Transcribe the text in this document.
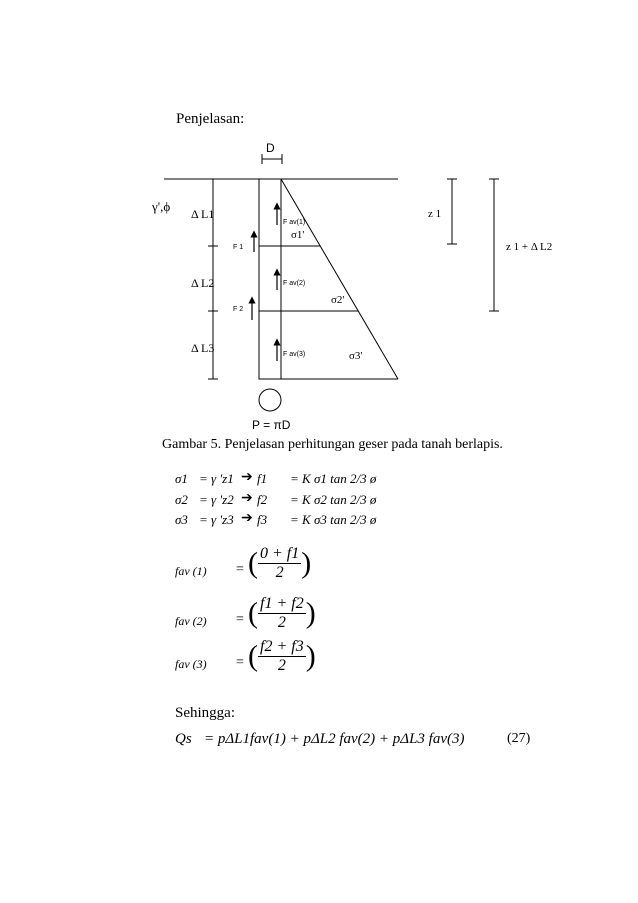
Penjelasan:
D
γ',ϕ Δ L1
Δ L2
Δ L3
F 1
F 2
F av(1)
F av(2)
F av(3)
σ1'
σ2'
σ3'
z 1
z 1 + Δ L2
P = πD
Gambar 5. Penjelasan perhitungan geser pada tanah berlapis.
σ1 = γ 'z1 ➔ f1 = K σ1 tan 2/3 ø
σ2 = γ 'z2 ➔ f2 = K σ2 tan 2/3 ø
σ3 = γ 'z3 ➔ f3 = K σ3 tan 2/3 ø
fav (1) = ( $\frac{0 + f1}{2}$ )
fav (2) = ( $\frac{f1 + f2}{2}$ )
fav (3) = ( $\frac{f2 + f3}{2}$ )
Sehingga:
Qs = pΔL1fav(1) + pΔL2 fav(2) + pΔL3 fav(3)	(27)
